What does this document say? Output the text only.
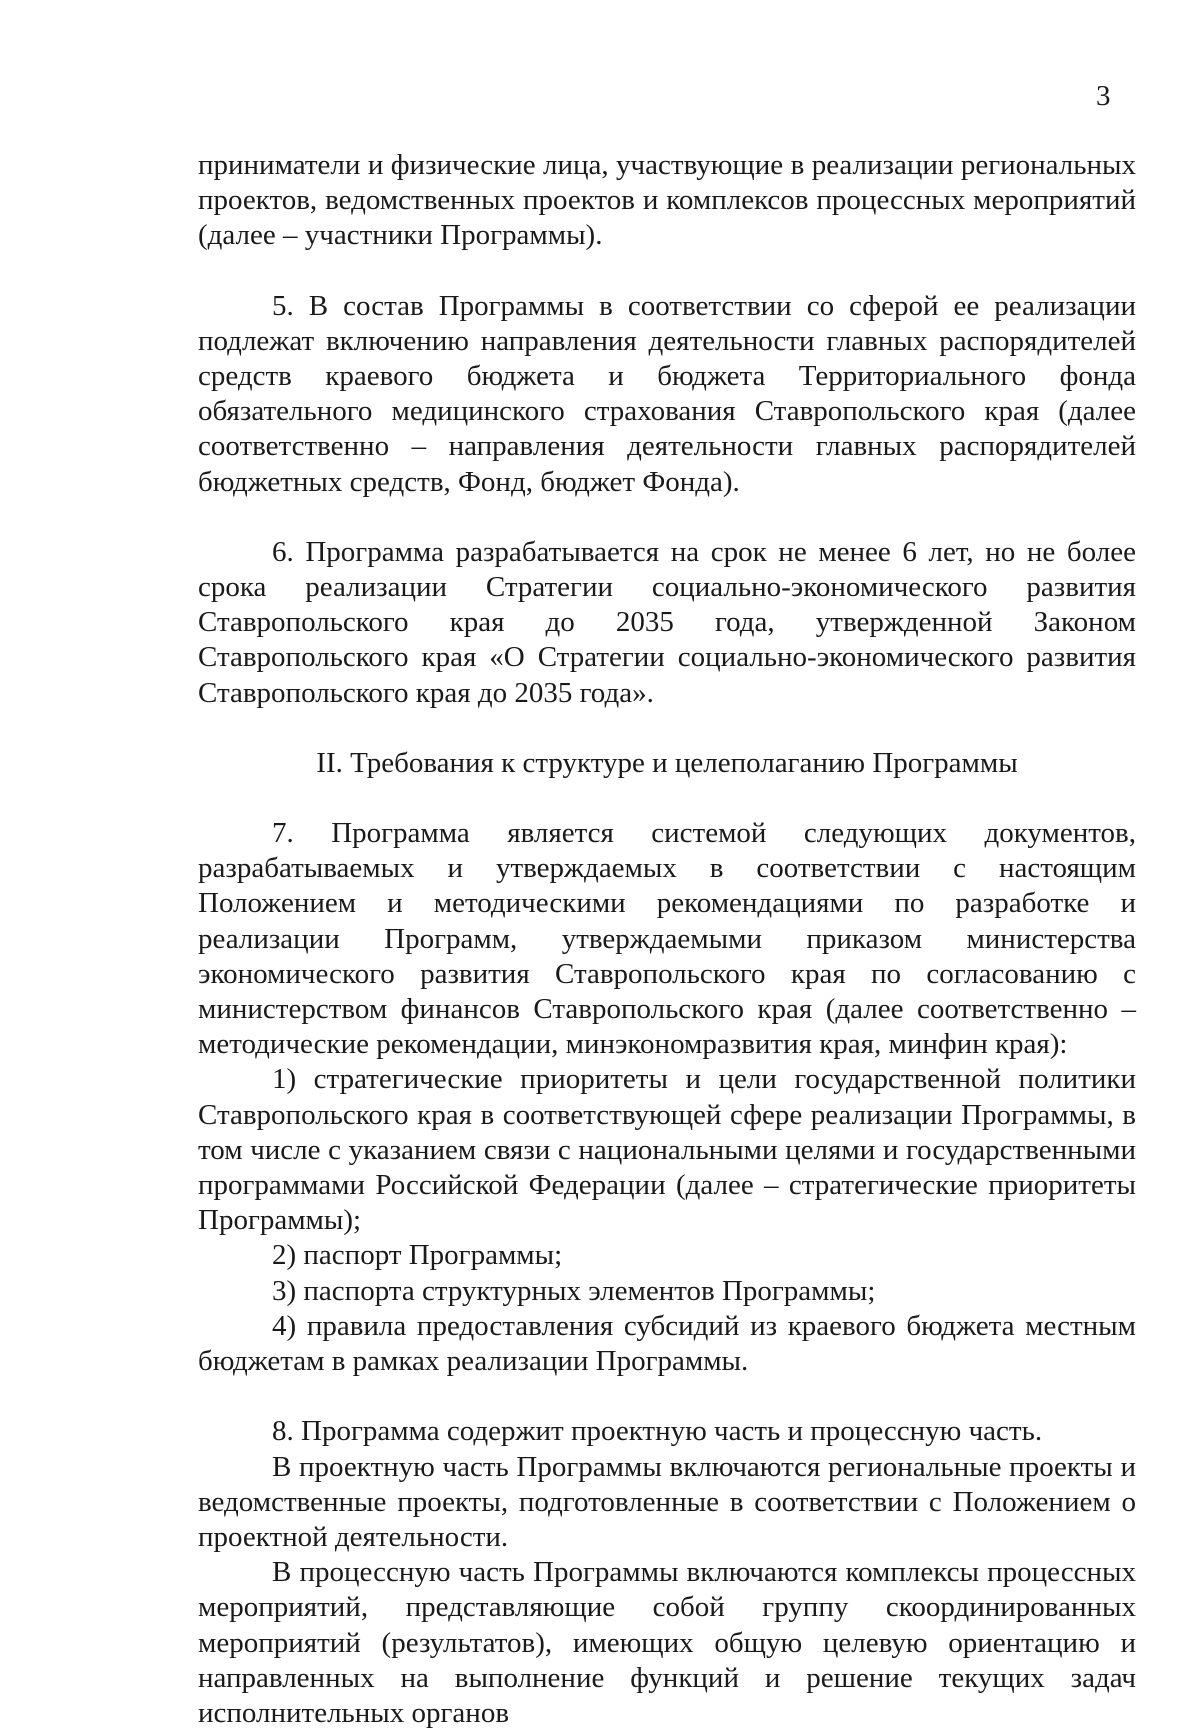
3

приниматели и физические лица, участвующие в реализации региональных проектов, ведомственных проектов и комплексов процессных мероприятий (далее – участники Программы).

5. В состав Программы в соответствии со сферой ее реализации подлежат включению направления деятельности главных распорядителей средств краевого бюджета и бюджета Территориального фонда обязательного медицинского страхования Ставропольского края (далее соответственно – направления деятельности главных распорядителей бюджетных средств, Фонд, бюджет Фонда).

6. Программа разрабатывается на срок не менее 6 лет, но не более срока реализации Стратегии социально-экономического развития Ставропольского края до 2035 года, утвержденной Законом Ставропольского края «О Стратегии социально-экономического развития Ставропольского края до 2035 года».

II. Требования к структуре и целеполаганию Программы

7. Программа является системой следующих документов, разрабатываемых и утверждаемых в соответствии с настоящим Положением и методическими рекомендациями по разработке и реализации Программ, утверждаемыми приказом министерства экономического развития Ставропольского края по согласованию с министерством финансов Ставропольского края (далее соответственно – методические рекомендации, минэкономразвития края, минфин края):

1) стратегические приоритеты и цели государственной политики Ставропольского края в соответствующей сфере реализации Программы, в том числе с указанием связи с национальными целями и государственными программами Российской Федерации (далее – стратегические приоритеты Программы);

2) паспорт Программы;

3) паспорта структурных элементов Программы;

4) правила предоставления субсидий из краевого бюджета местным бюджетам в рамках реализации Программы.

8. Программа содержит проектную часть и процессную часть.

В проектную часть Программы включаются региональные проекты и ведомственные проекты, подготовленные в соответствии с Положением о проектной деятельности.

В процессную часть Программы включаются комплексы процессных мероприятий, представляющие собой группу скоординированных мероприятий (результатов), имеющих общую целевую ориентацию и направленных на выполнение функций и решение текущих задач исполнительных органов
